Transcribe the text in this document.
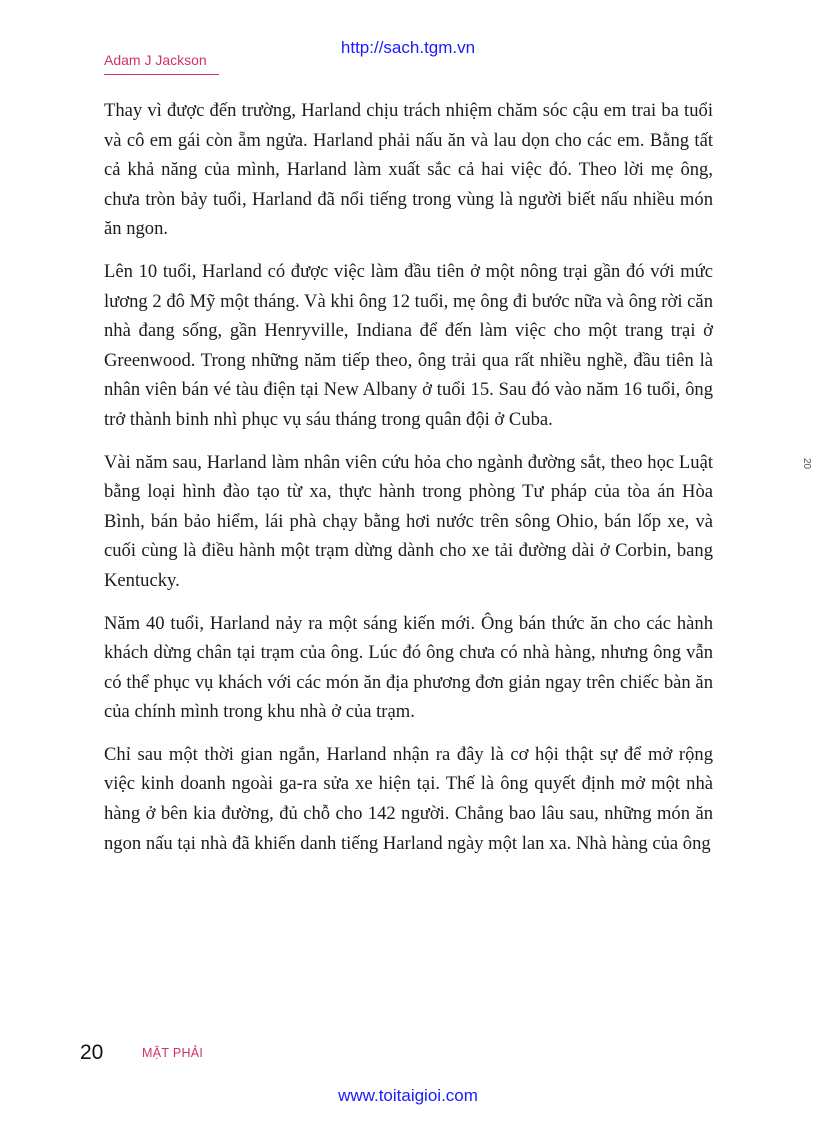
http://sach.tgm.vn
Adam J Jackson

Thay vì được đến trường, Harland chịu trách nhiệm chăm sóc cậu em trai ba tuổi và cô em gái còn ẵm ngửa. Harland phải nấu ăn và lau dọn cho các em. Bằng tất cả khả năng của mình, Harland làm xuất sắc cả hai việc đó. Theo lời mẹ ông, chưa tròn bảy tuổi, Harland đã nổi tiếng trong vùng là người biết nấu nhiều món ăn ngon.

Lên 10 tuổi, Harland có được việc làm đầu tiên ở một nông trại gần đó với mức lương 2 đô Mỹ một tháng. Và khi ông 12 tuổi, mẹ ông đi bước nữa và ông rời căn nhà đang sống, gần Henryville, Indiana để đến làm việc cho một trang trại ở Greenwood. Trong những năm tiếp theo, ông trải qua rất nhiều nghề, đầu tiên là nhân viên bán vé tàu điện tại New Albany ở tuổi 15. Sau đó vào năm 16 tuổi, ông trở thành binh nhì phục vụ sáu tháng trong quân đội ở Cuba.

Vài năm sau, Harland làm nhân viên cứu hỏa cho ngành đường sắt, theo học Luật bằng loại hình đào tạo từ xa, thực hành trong phòng Tư pháp của tòa án Hòa Bình, bán bảo hiểm, lái phà chạy bằng hơi nước trên sông Ohio, bán lốp xe, và cuối cùng là điều hành một trạm dừng dành cho xe tải đường dài ở Corbin, bang Kentucky.

Năm 40 tuổi, Harland nảy ra một sáng kiến mới. Ông bán thức ăn cho các hành khách dừng chân tại trạm của ông. Lúc đó ông chưa có nhà hàng, nhưng ông vẫn có thể phục vụ khách với các món ăn địa phương đơn giản ngay trên chiếc bàn ăn của chính mình trong khu nhà ở của trạm.

Chỉ sau một thời gian ngắn, Harland nhận ra đây là cơ hội thật sự để mở rộng việc kinh doanh ngoài ga-ra sửa xe hiện tại. Thế là ông quyết định mở một nhà hàng ở bên kia đường, đủ chỗ cho 142 người. Chẳng bao lâu sau, những món ăn ngon nấu tại nhà đã khiến danh tiếng Harland ngày một lan xa. Nhà hàng của ông

20
20	MẶT PHẢI
www.toitaigioi.com
